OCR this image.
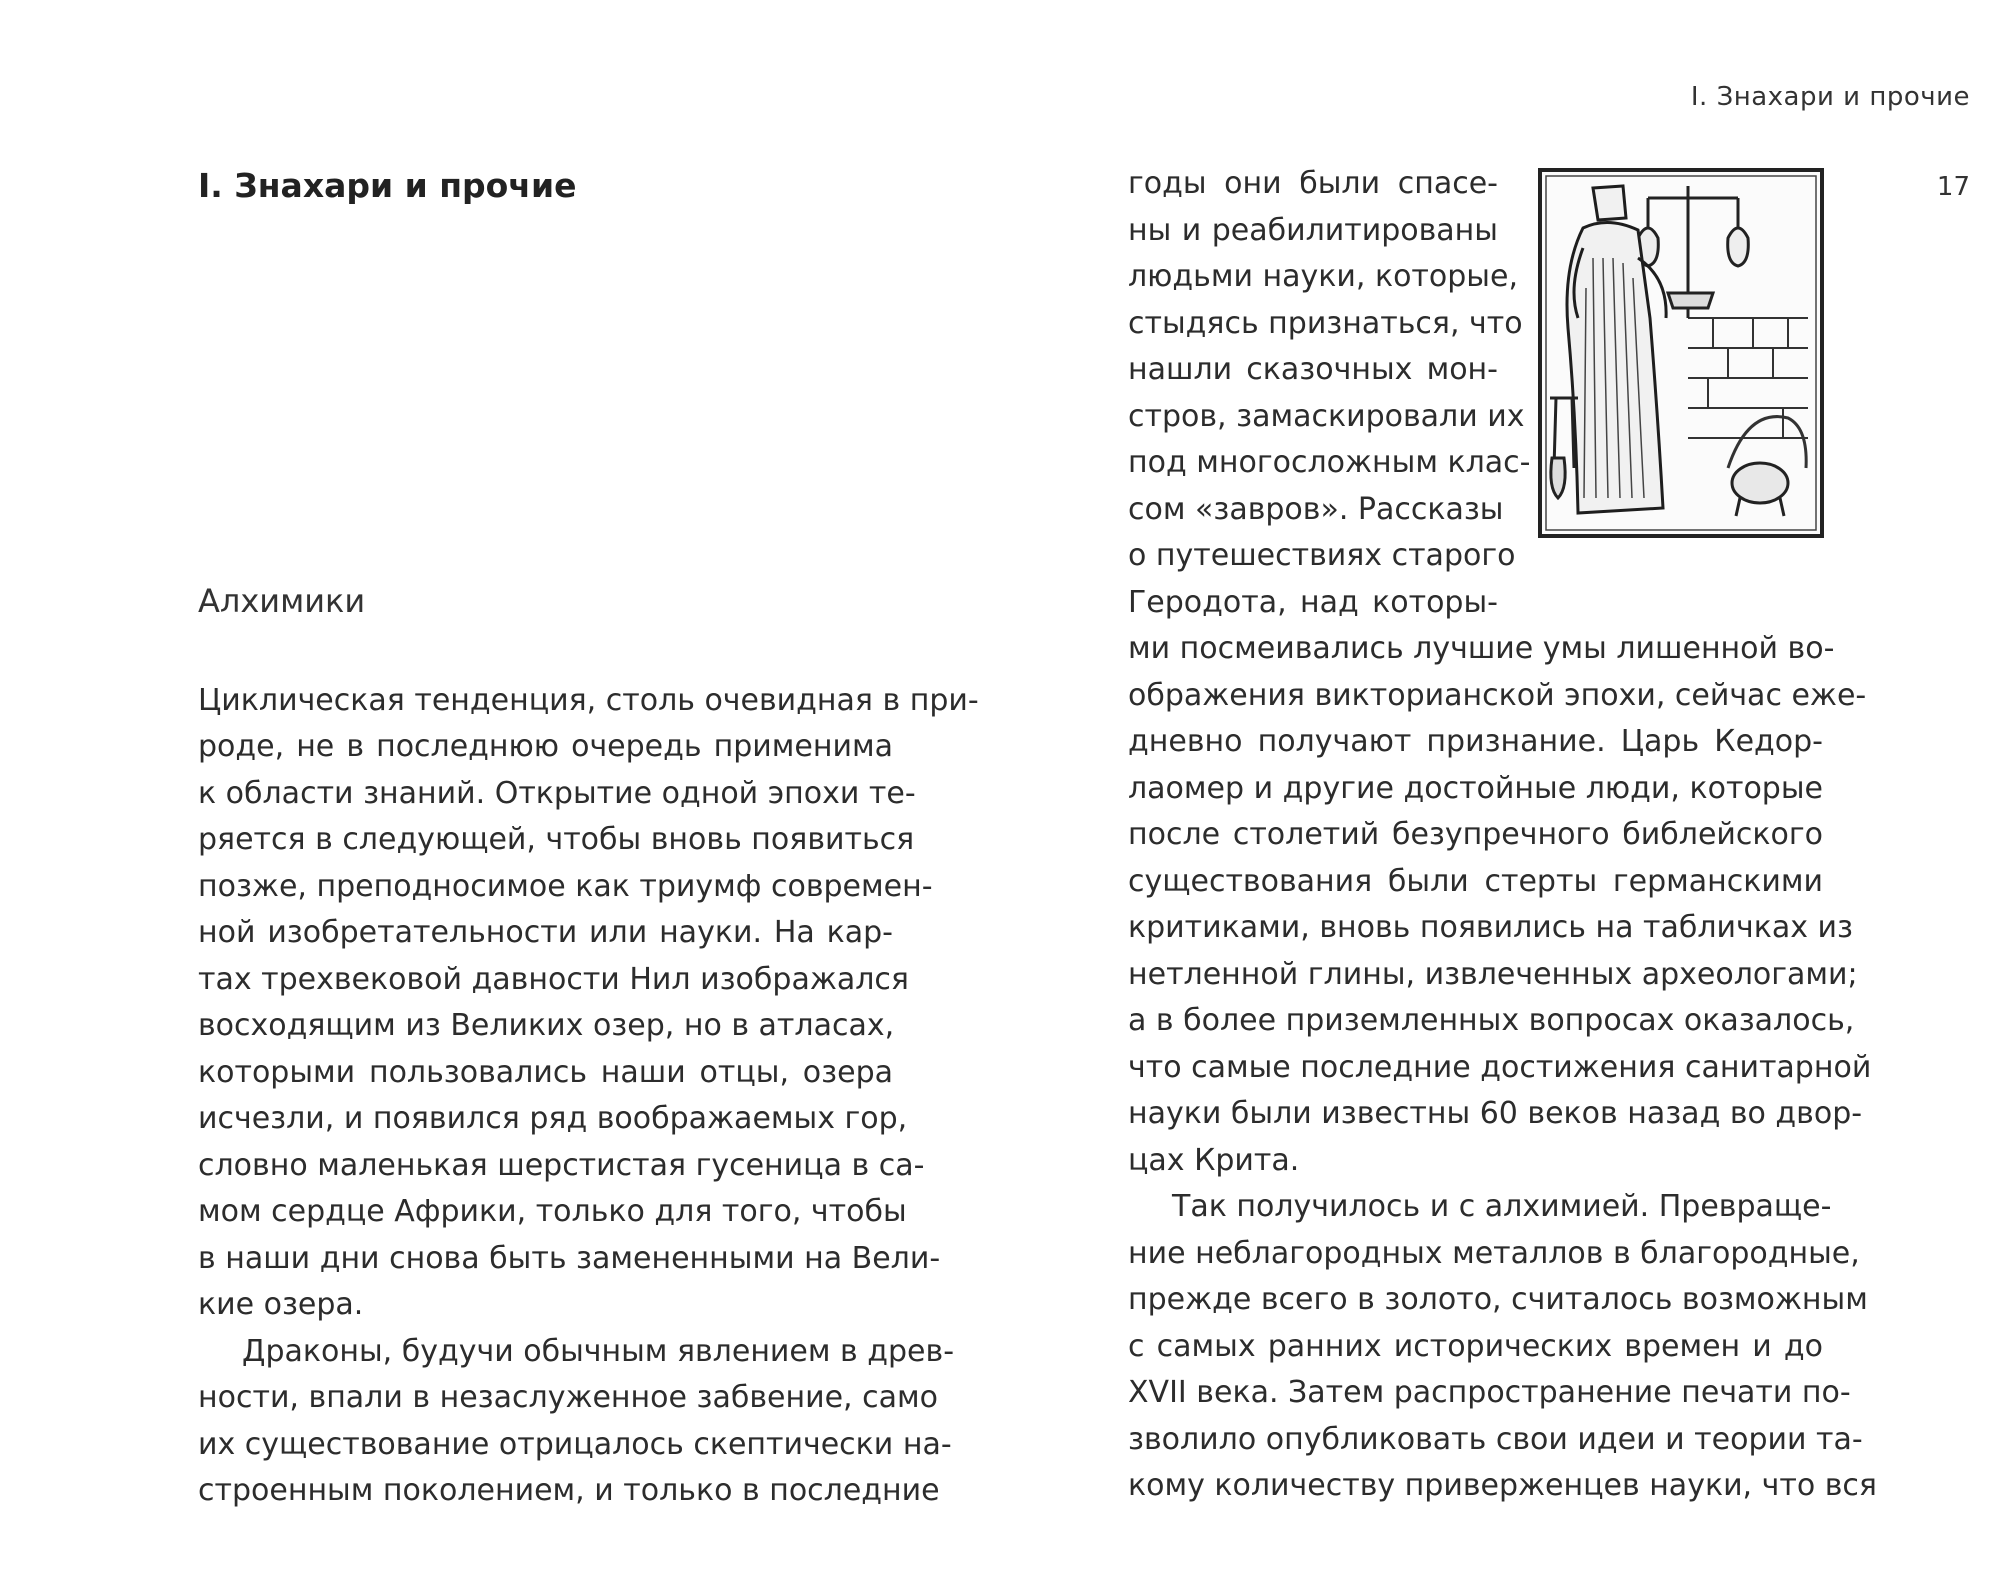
I. Знахари и прочие
17
I. Знахари и прочие
Алхимики
Циклическая тенденция, столь очевидная в при-
роде, не в последнюю очередь применима
к области знаний. Открытие одной эпохи те-
ряется в следующей, чтобы вновь появиться
позже, преподносимое как триумф современ-
ной изобретательности или науки. На кар-
тах трехвековой давности Нил изображался
восходящим из Великих озер, но в атласах,
которыми пользовались наши отцы, озера
исчезли, и появился ряд воображаемых гор,
словно маленькая шерстистая гусеница в са-
мом сердце Африки, только для того, чтобы
в наши дни снова быть замененными на Вели-
кие озера.
Драконы, будучи обычным явлением в древ-
ности, впали в незаслуженное забвение, само
их существование отрицалось скептически на-
строенным поколением, и только в последние
годы они были спасе-
ны и реабилитированы
людьми науки, которые,
стыдясь признаться, что
нашли сказочных мон-
стров, замаскировали их
под многосложным клас-
сом «завров». Рассказы
о путешествиях старого
Геродота, над которы-
ми посмеивались лучшие умы лишенной во-
ображения викторианской эпохи, сейчас еже-
дневно получают признание. Царь Кедор-
лаомер и другие достойные люди, которые
после столетий безупречного библейского
существования были стерты германскими
критиками, вновь появились на табличках из
нетленной глины, извлеченных археологами;
а в более приземленных вопросах оказалось,
что самые последние достижения санитарной
науки были известны 60 веков назад во двор-
цах Крита.
Так получилось и с алхимией. Превраще-
ние неблагородных металлов в благородные,
прежде всего в золото, считалось возможным
с самых ранних исторических времен и до
XVII века. Затем распространение печати по-
зволило опубликовать свои идеи и теории та-
кому количеству приверженцев науки, что вся
